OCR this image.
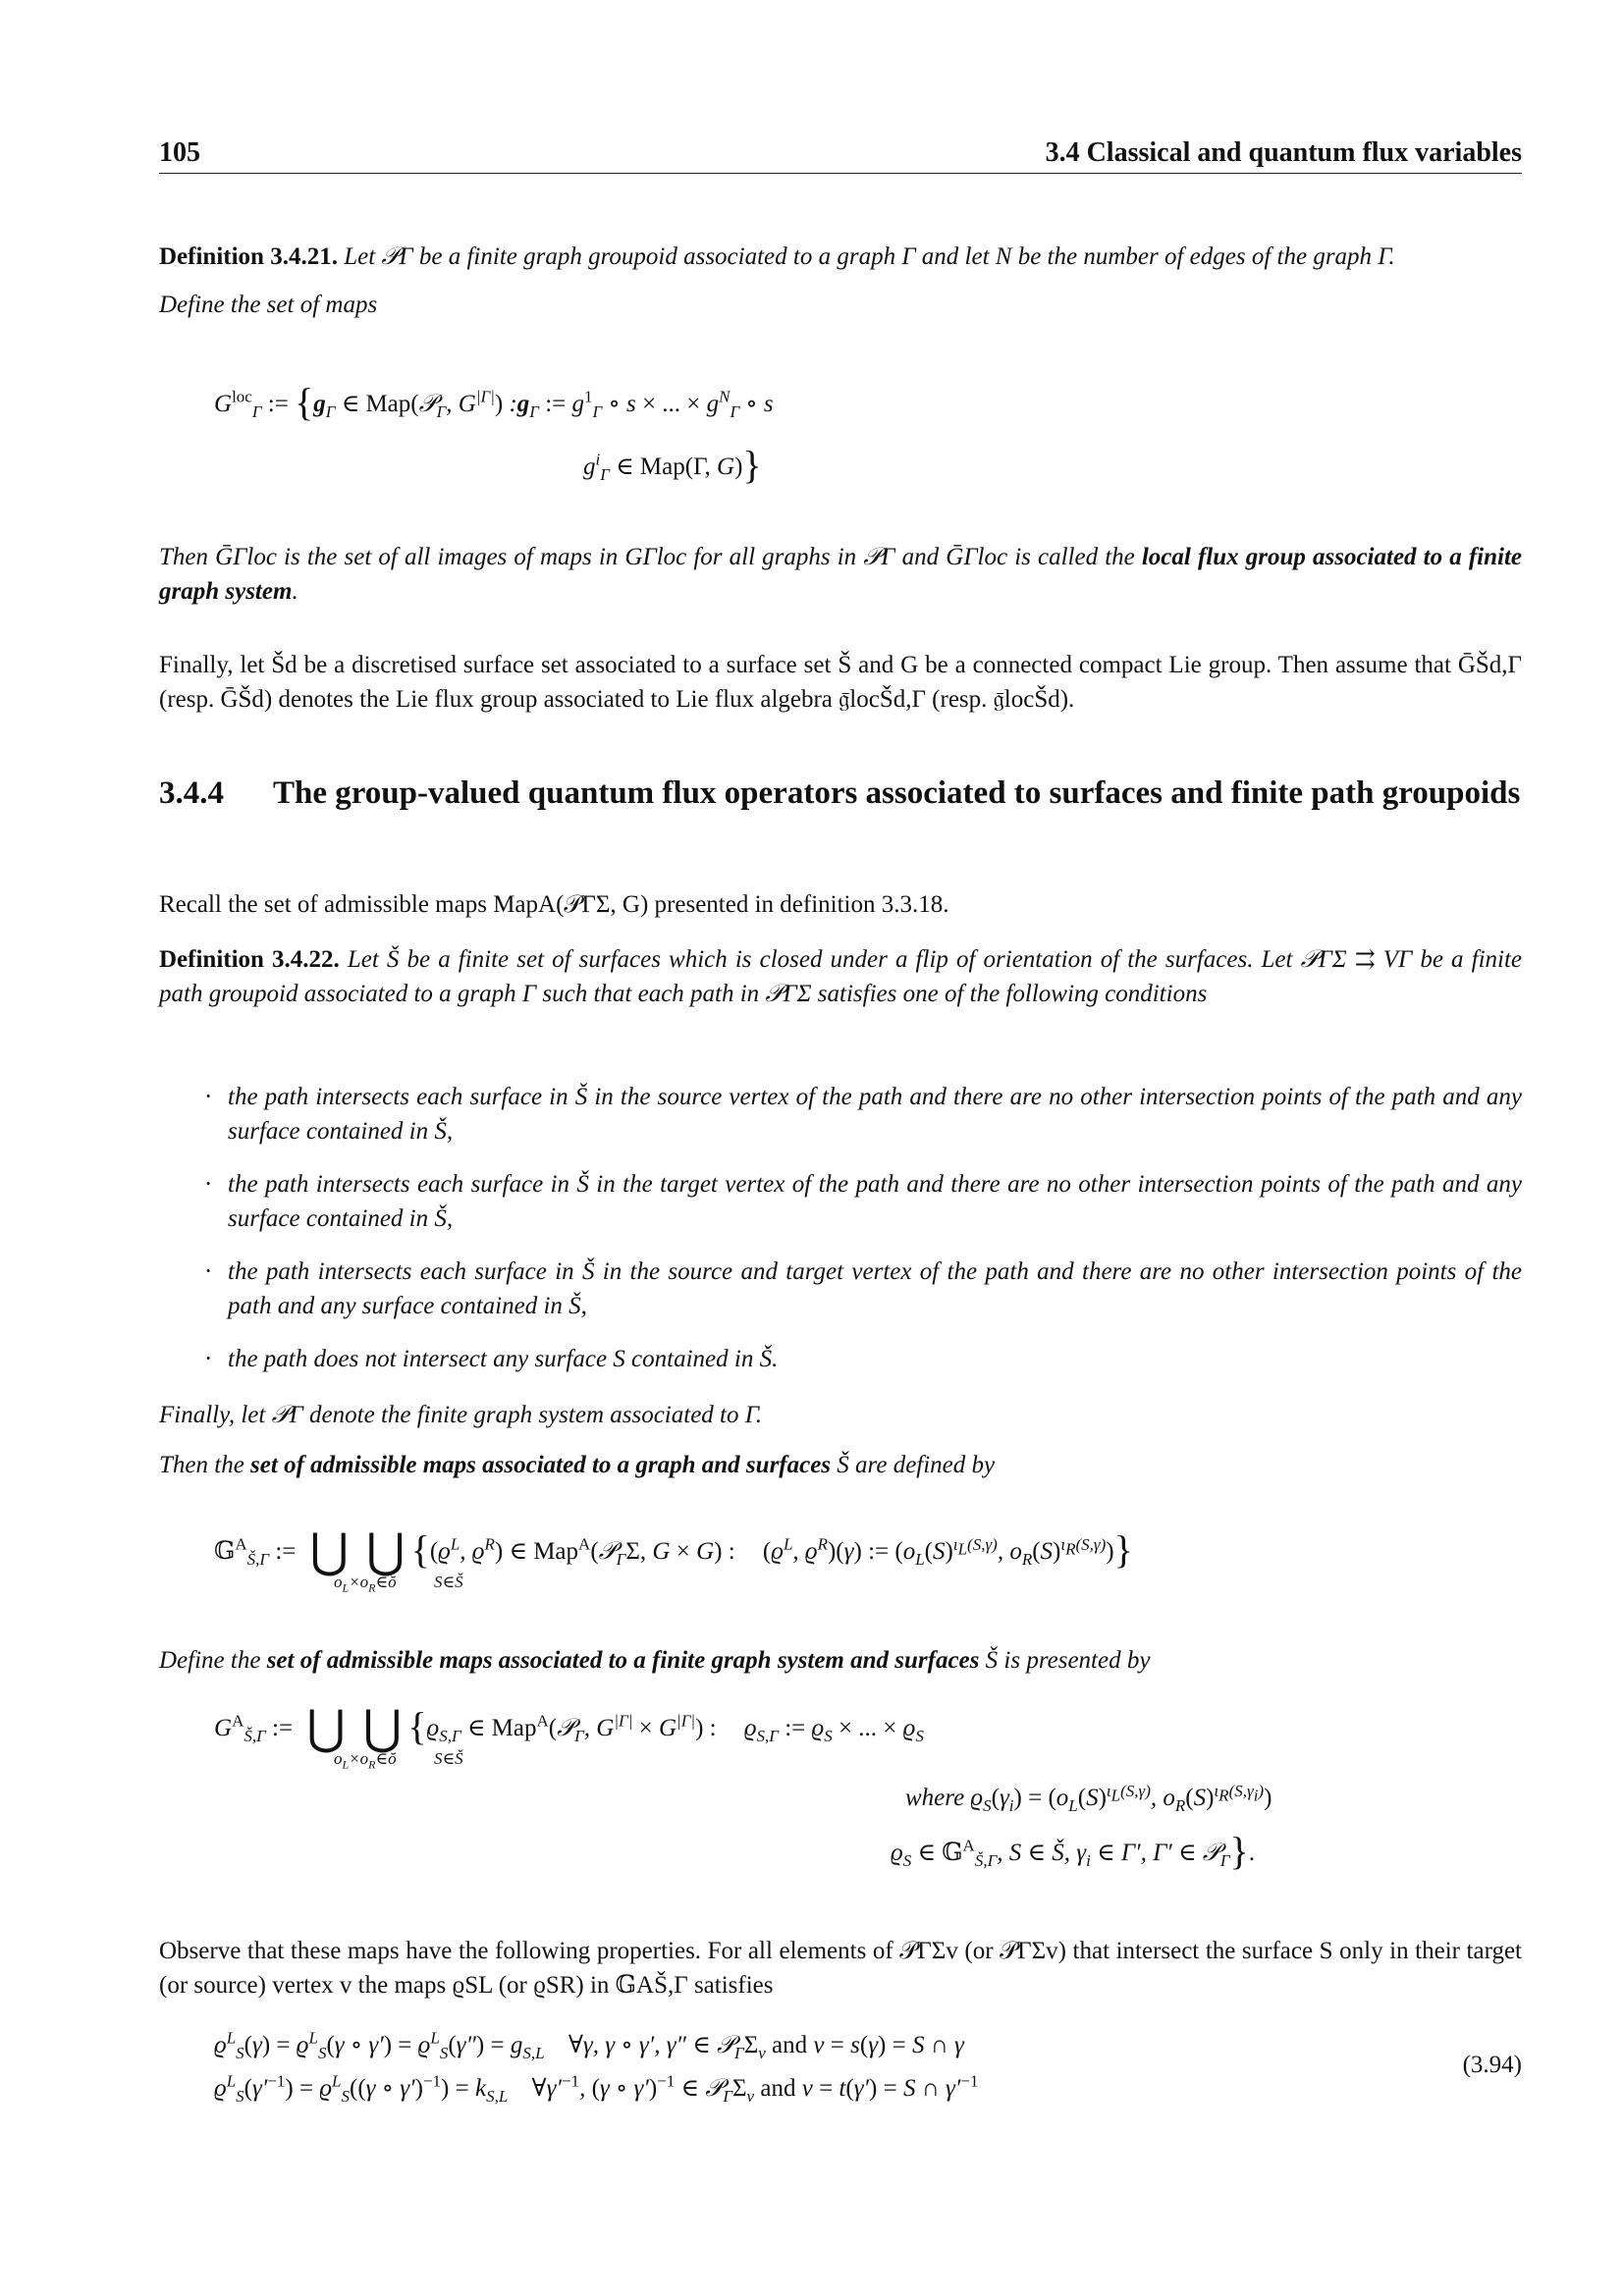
105	3.4 Classical and quantum flux variables

Definition 3.4.21. Let 𝒫Γ be a finite graph groupoid associated to a graph Γ and let N be the number of edges of the graph Γ.

Define the set of maps

$G^{loc}_\Gamma$ := {$g_\Gamma$ ∈ Map(𝒫$_\Gamma$, $G^{|\Gamma|}$) $:g_\Gamma$ := $g^1_\Gamma$ ∘ s × ... × $g^N_\Gamma$ ∘ s
$g^i_\Gamma$ ∈ Map(Γ, G)}

Then ḠΓloc is the set of all images of maps in GΓloc for all graphs in 𝒫Γ and ḠΓloc is called the local flux group associated to a finite graph system.

Finally, let Šd be a discretised surface set associated to a surface set Š and G be a connected compact Lie group. Then assume that ḠŠd,Γ (resp. ḠŠd) denotes the Lie flux group associated to Lie flux algebra 𝔤̄locŠd,Γ (resp. 𝔤̄locŠd).

3.4.4	The group-valued quantum flux operators associated to surfaces and finite path groupoids

Recall the set of admissible maps MapA(𝒫ΓΣ, G) presented in definition 3.3.18.

Definition 3.4.22. Let Š be a finite set of surfaces which is closed under a flip of orientation of the surfaces. Let 𝒫ΓΣ ⇉ VΓ be a finite path groupoid associated to a graph Γ such that each path in 𝒫ΓΣ satisfies one of the following conditions

· the path intersects each surface in Š in the source vertex of the path and there are no other intersection points of the path and any surface contained in Š,
· the path intersects each surface in Š in the target vertex of the path and there are no other intersection points of the path and any surface contained in Š,
· the path intersects each surface in Š in the source and target vertex of the path and there are no other intersection points of the path and any surface contained in Š,
· the path does not intersect any surface S contained in Š.

Finally, let 𝒫Γ denote the finite graph system associated to Γ.

Then the set of admissible maps associated to a graph and surfaces Š are defined by

𝔾$^A_{Š,\Gamma}$ := ⋃ ⋃ {($ϱ^L$, $ϱ^R$) ∈ Map$^A$(𝒫$_\Gamma$Σ, G × G) : ($ϱ^L$, $ϱ^R)(\gamma)$ := ($o_L(S)^{\iota_L(S,\gamma)}$, $o_R(S)^{\iota_R(S,\gamma)}$)}
$o_L\times o_R\in ŏ$ S∈Š

Define the set of admissible maps associated to a finite graph system and surfaces Š is presented by

$G^A_{Š,\Gamma}$ := ⋃ ⋃ {$ϱ_{S,\Gamma}$ ∈ Map$^A$(𝒫$_\Gamma$, $G^{|\Gamma|} \times G^{|\Gamma|}$) : $ϱ_{S,\Gamma}$ := $ϱ_S$ × ... × $ϱ_S$
$o_L\times o_R\in ŏ$ S∈Š
where $ϱ_S(\gamma_i) = (o_L(S)^{\iota_L(S,\gamma)}$, $o_R(S)^{\iota_R(S,\gamma_i)}$)
$ϱ_S$ ∈ 𝔾$^A_{Š,\Gamma}$, S ∈ Š, $\gamma_i$ ∈ Γ′, Γ′ ∈ 𝒫$_\Gamma$}.

Observe that these maps have the following properties. For all elements of 𝒫ΓΣv (or 𝒫ΓΣv) that intersect the surface S only in their target (or source) vertex v the maps ϱSL (or ϱSR) in 𝔾AŠ,Γ satisfies

$ϱ^L_S(\gamma) = ϱ^L_S(\gamma$ ∘ $\gamma') = ϱ^L_S(\gamma'') = g_{S,L}$ ∀γ, γ ∘ γ′, γ″ ∈ $𝒫_\Gamma\Sigma_v$ and v = s(γ) = S ∩ γ
$ϱ^L_S(\gamma'^{-1}) = ϱ^L_S((\gamma$ ∘ $\gamma')^{-1}) = k_{S,L}$ $\forall\gamma'^{-1}$, (γ ∘ γ′)$^{-1}$ ∈ $𝒫_\Gamma\Sigma_v$ and v = t(γ′) = S ∩ $\gamma'^{-1}$
(3.94)
